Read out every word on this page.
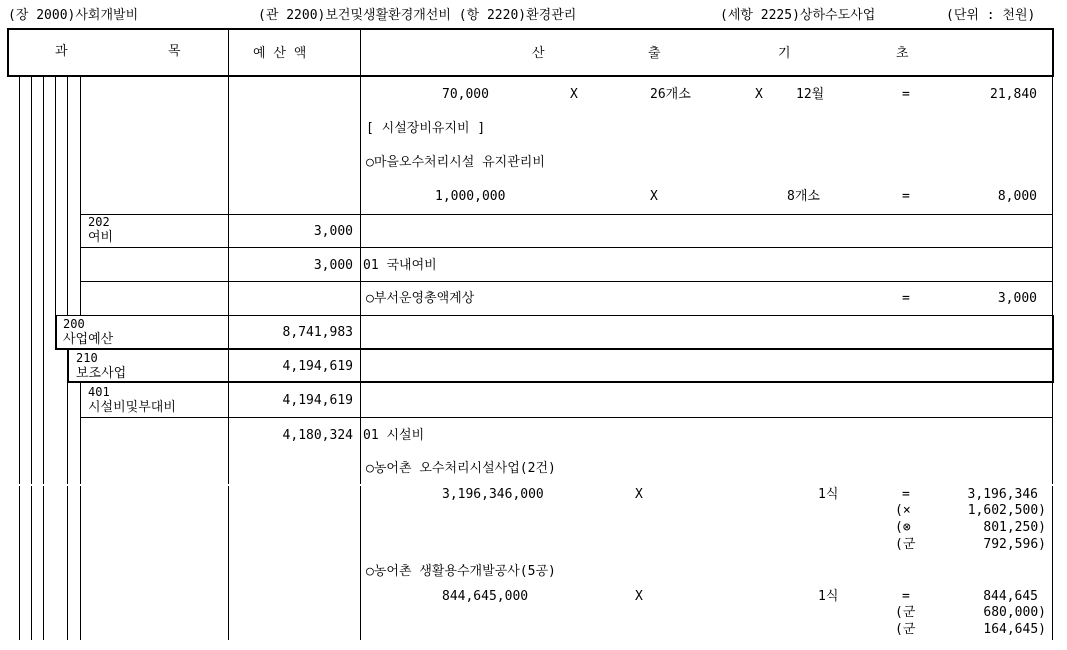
(장 2000)사회개발비	(관 2200)보건및생활환경개선비 (항 2220)환경관리	(세항 2225)상하수도사업	(단위 : 천원)
과	목	예 산 액	산	출	기	초
70,000	X	26개소	X	12월	=	21,840
[ 시설장비유지비 ]
○마을오수처리시설 유지관리비
1,000,000	X	8개소	=	8,000
202
여비	3,000
3,000 01 국내여비
○부서운영총액계상	=	3,000
200
사업예산	8,741,983
210
보조사업	4,194,619
401
시설비및부대비	4,194,619
4,180,324 01 시설비
○농어촌 오수처리시설사업(2건)
3,196,346,000	X	1식	=	3,196,346
(×	1,602,500)
(⊗	801,250)
(군	792,596)
○농어촌 생활용수개발공사(5공)
844,645,000	X	1식	=	844,645
(군	680,000)
(군	164,645)
